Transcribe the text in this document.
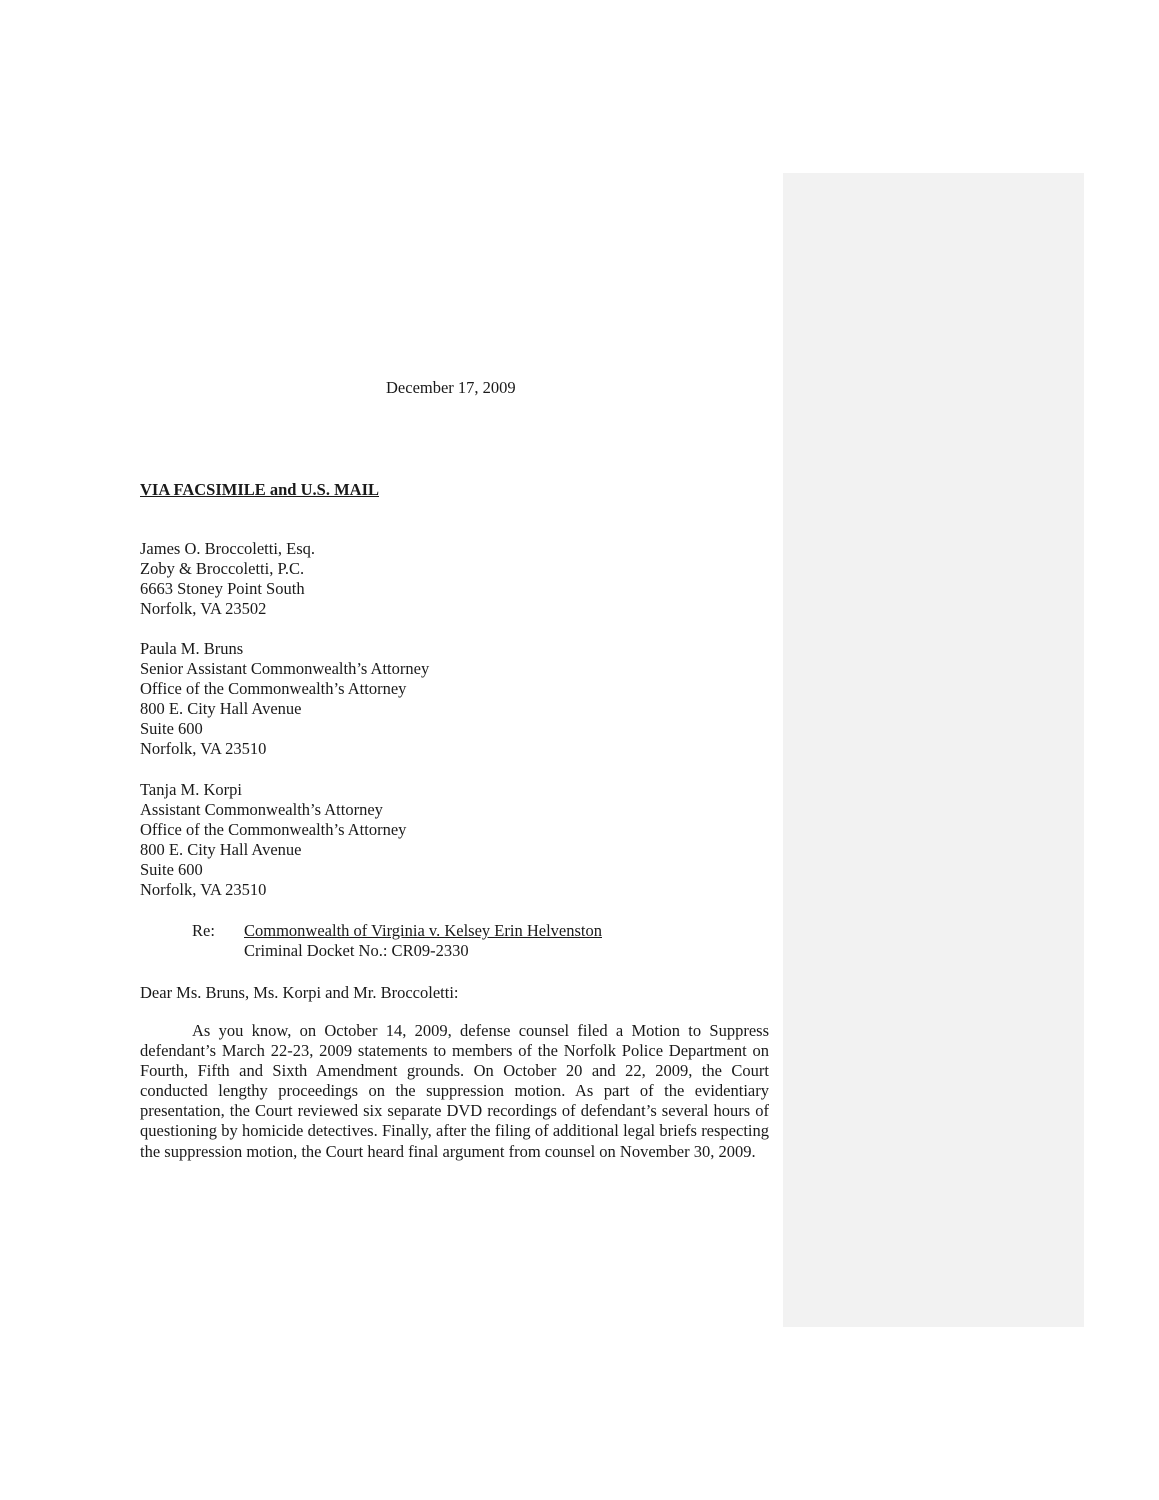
December 17, 2009
VIA FACSIMILE and U.S. MAIL
James O. Broccoletti, Esq.
Zoby & Broccoletti, P.C.
6663 Stoney Point South
Norfolk, VA 23502
Paula M. Bruns
Senior Assistant Commonwealth’s Attorney
Office of the Commonwealth’s Attorney
800 E. City Hall Avenue
Suite 600
Norfolk, VA 23510
Tanja M. Korpi
Assistant Commonwealth’s Attorney
Office of the Commonwealth’s Attorney
800 E. City Hall Avenue
Suite 600
Norfolk, VA 23510
Re: Commonwealth of Virginia v. Kelsey Erin Helvenston
Criminal Docket No.: CR09-2330
Dear Ms. Bruns, Ms. Korpi and Mr. Broccoletti:
As you know, on October 14, 2009, defense counsel filed a Motion to Suppress defendant’s March 22-23, 2009 statements to members of the Norfolk Police Department on Fourth, Fifth and Sixth Amendment grounds. On October 20 and 22, 2009, the Court conducted lengthy proceedings on the suppression motion. As part of the evidentiary presentation, the Court reviewed six separate DVD recordings of defendant’s several hours of questioning by homicide detectives. Finally, after the filing of additional legal briefs respecting the suppression motion, the Court heard final argument from counsel on November 30, 2009.
